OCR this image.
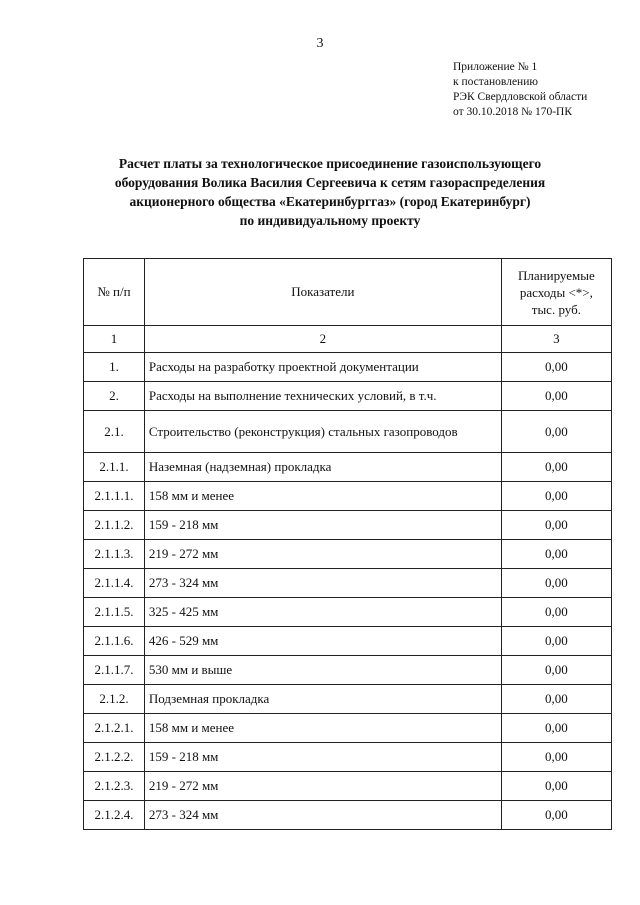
3
Приложение № 1
к постановлению
РЭК Свердловской области
от 30.10.2018 № 170-ПК
Расчет платы за технологическое присоединение газоиспользующего
оборудования Волика Василия Сергеевича к сетям газораспределения
акционерного общества «Екатеринбурггаз» (город Екатеринбург)
по индивидуальному проекту
№ п/п	Показатели	Планируемые
расходы <*>,
тыс. руб.

1	2	3
1.	Расходы на разработку проектной документации	0,00
2.	Расходы на выполнение технических условий, в т.ч.	0,00
2.1.	Строительство (реконструкция) стальных газопроводов	0,00
2.1.1.	Наземная (надземная) прокладка	0,00
2.1.1.1.	158 мм и менее	0,00
2.1.1.2.	159 - 218 мм	0,00
2.1.1.3.	219 - 272 мм	0,00
2.1.1.4.	273 - 324 мм	0,00
2.1.1.5.	325 - 425 мм	0,00
2.1.1.6.	426 - 529 мм	0,00
2.1.1.7.	530 мм и выше	0,00
2.1.2.	Подземная прокладка	0,00
2.1.2.1.	158 мм и менее	0,00
2.1.2.2.	159 - 218 мм	0,00
2.1.2.3.	219 - 272 мм	0,00
2.1.2.4.	273 - 324 мм	0,00
